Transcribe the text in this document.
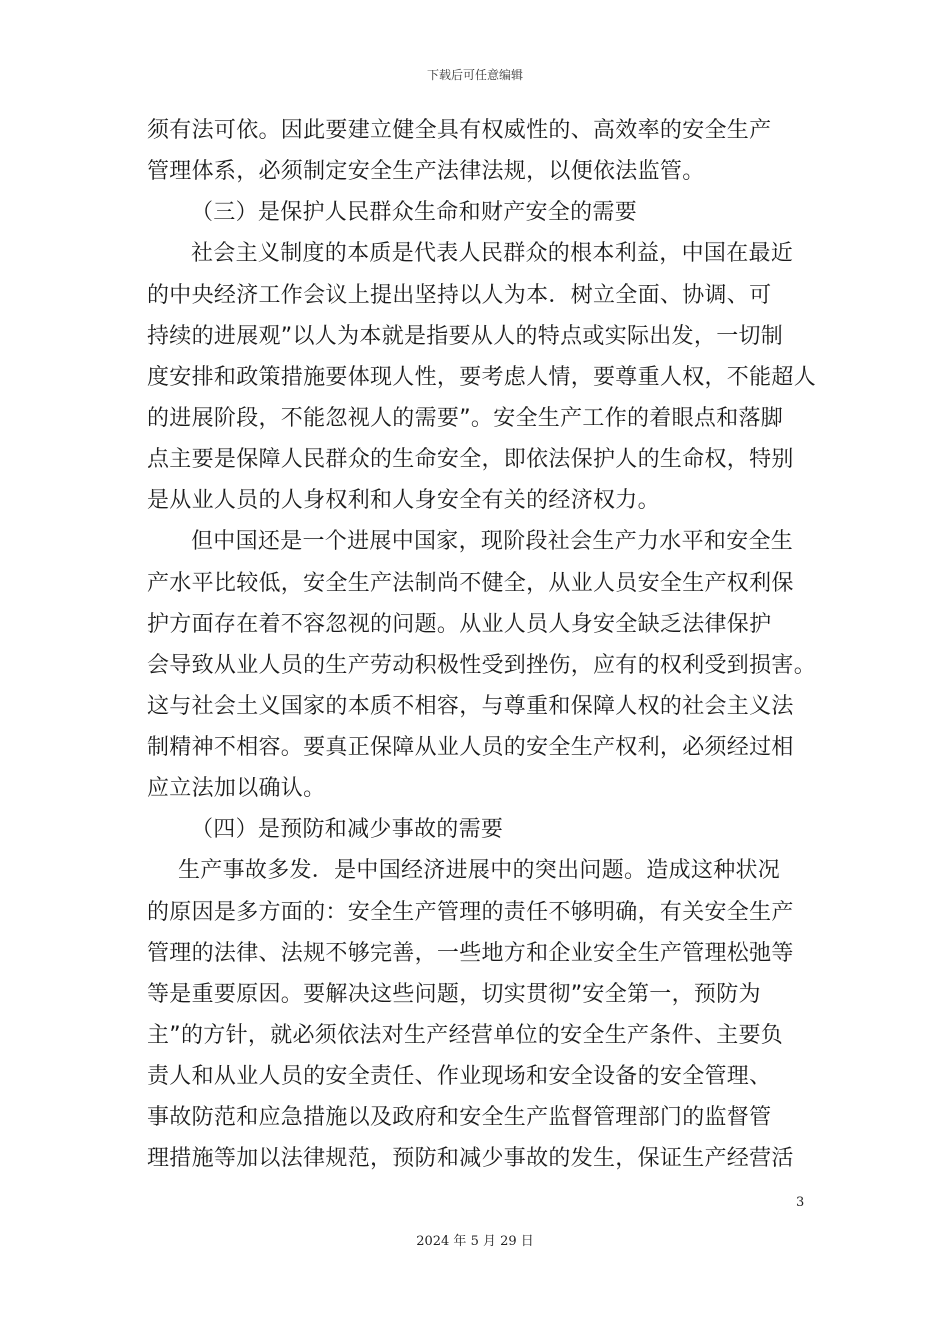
下载后可任意编辑
须有法可依。因此要建立健全具有权威性的、高效率的安全生产
管理体系，必须制定安全生产法律法规，以便依法监管。
（三）是保护人民群众生命和财产安全的需要
社会主义制度的本质是代表人民群众的根本利益，中国在最近
的中央经济工作会议上提出坚持以人为本．树立全面、协调、可
持续的进展观”以人为本就是指要从人的特点或实际出发，一切制
度安排和政策措施要体现人性，要考虑人情，要尊重人权，不能超人
的进展阶段，不能忽视人的需要”。安全生产工作的着眼点和落脚
点主要是保障人民群众的生命安全，即依法保护人的生命权，特别
是从业人员的人身权利和人身安全有关的经济权力。
但中国还是一个进展中国家，现阶段社会生产力水平和安全生
产水平比较低，安全生产法制尚不健全，从业人员安全生产权利保
护方面存在着不容忽视的问题。从业人员人身安全缺乏法律保护
会导致从业人员的生产劳动积极性受到挫伤，应有的权利受到损害。
这与社会土义国家的本质不相容，与尊重和保障人权的社会主义法
制精神不相容。要真正保障从业人员的安全生产权利，必须经过相
应立法加以确认。
（四）是预防和减少事故的需要
生产事故多发．是中国经济进展中的突出问题。造成这种状况
的原因是多方面的：安全生产管理的责任不够明确，有关安全生产
管理的法律、法规不够完善，一些地方和企业安全生产管理松弛等
等是重要原因。要解决这些问题，切实贯彻”安全第一，预防为
主”的方针，就必须依法对生产经营单位的安全生产条件、主要负
责人和从业人员的安全责任、作业现场和安全设备的安全管理、
事故防范和应急措施以及政府和安全生产监督管理部门的监督管
理措施等加以法律规范，预防和减少事故的发生，保证生产经营活
3
2024 年 5 月 29 日
